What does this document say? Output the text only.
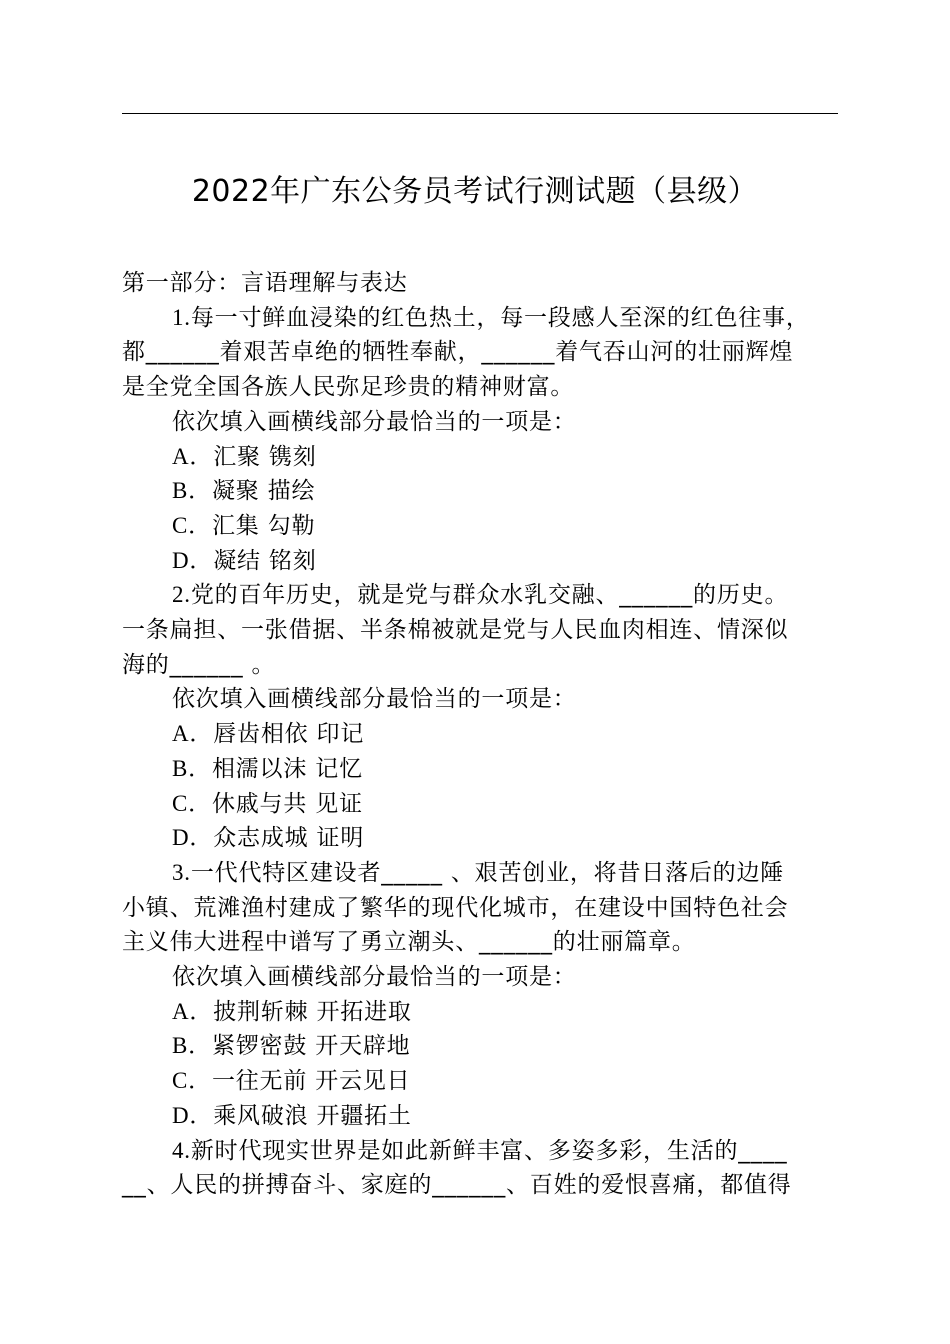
2022年广东公务员考试行测试题（县级）

第一部分：言语理解与表达

1.每一寸鲜血浸染的红色热土，每一段感人至深的红色往事，

都______着艰苦卓绝的牺牲奉献，______着气吞山河的壮丽辉煌

是全党全国各族人民弥足珍贵的精神财富。

依次填入画横线部分最恰当的一项是：

A．汇聚 镌刻

B．凝聚 描绘

C．汇集 勾勒

D．凝结 铭刻

2.党的百年历史，就是党与群众水乳交融、______的历史。

一条扁担、一张借据、半条棉被就是党与人民血肉相连、情深似

海的______ 。

依次填入画横线部分最恰当的一项是：

A．唇齿相依 印记

B．相濡以沫 记忆

C．休戚与共 见证

D．众志成城 证明

3.一代代特区建设者_____ 、艰苦创业，将昔日落后的边陲

小镇、荒滩渔村建成了繁华的现代化城市，在建设中国特色社会

主义伟大进程中谱写了勇立潮头、______的壮丽篇章。

依次填入画横线部分最恰当的一项是：

A．披荆斩棘 开拓进取

B．紧锣密鼓 开天辟地

C．一往无前 开云见日

D．乘风破浪 开疆拓土

4.新时代现实世界是如此新鲜丰富、多姿多彩，生活的____

__、人民的拼搏奋斗、家庭的______、百姓的爱恨喜痛，都值得
